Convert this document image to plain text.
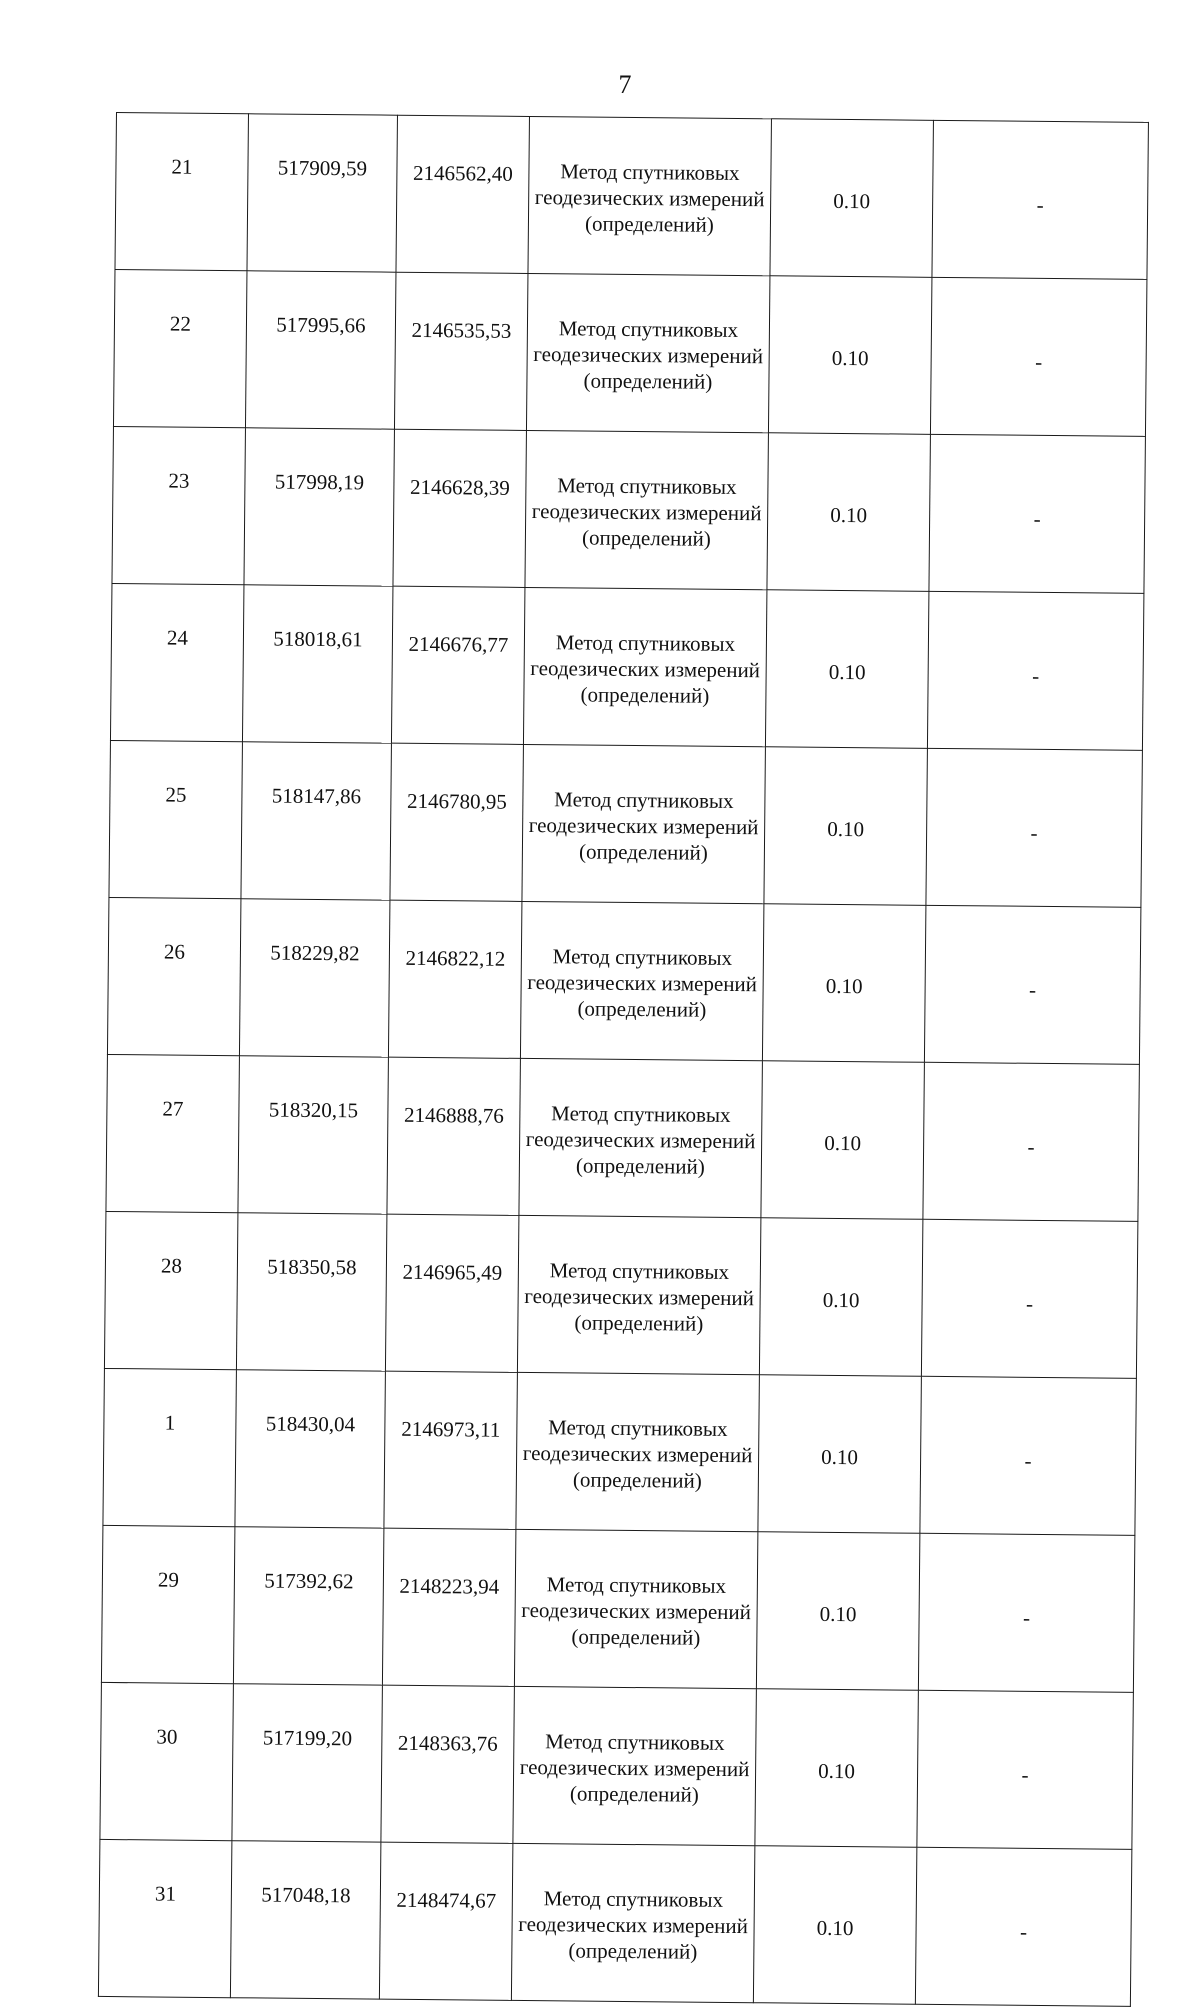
7
21	517909,59	2146562,40	Метод спутниковых геодезических измерений (определений)	0.10	-
22	517995,66	2146535,53	Метод спутниковых геодезических измерений (определений)	0.10	-
23	517998,19	2146628,39	Метод спутниковых геодезических измерений (определений)	0.10	-
24	518018,61	2146676,77	Метод спутниковых геодезических измерений (определений)	0.10	-
25	518147,86	2146780,95	Метод спутниковых геодезических измерений (определений)	0.10	-
26	518229,82	2146822,12	Метод спутниковых геодезических измерений (определений)	0.10	-
27	518320,15	2146888,76	Метод спутниковых геодезических измерений (определений)	0.10	-
28	518350,58	2146965,49	Метод спутниковых геодезических измерений (определений)	0.10	-
1	518430,04	2146973,11	Метод спутниковых геодезических измерений (определений)	0.10	-
29	517392,62	2148223,94	Метод спутниковых геодезических измерений (определений)	0.10	-
30	517199,20	2148363,76	Метод спутниковых геодезических измерений (определений)	0.10	-
31	517048,18	2148474,67	Метод спутниковых геодезических измерений (определений)	0.10	-
